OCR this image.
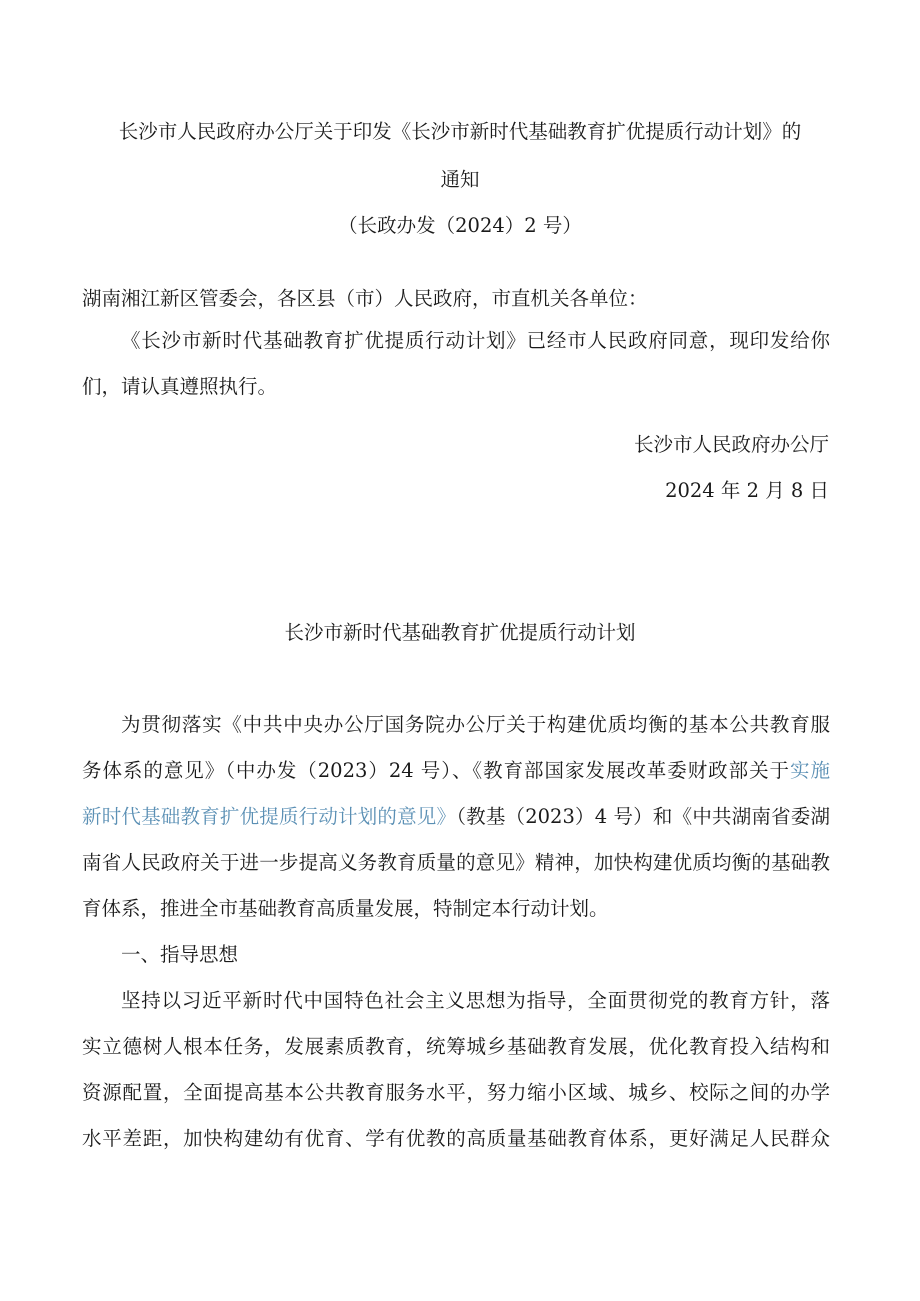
长沙市人民政府办公厅关于印发《长沙市新时代基础教育扩优提质行动计划》的
通知
（长政办发（2024）2 号）
湖南湘江新区管委会，各区县（市）人民政府，市直机关各单位：
《长沙市新时代基础教育扩优提质行动计划》已经市人民政府同意，现印发给你
们，请认真遵照执行。
长沙市人民政府办公厅
2024 年 2 月 8 日
长沙市新时代基础教育扩优提质行动计划
为贯彻落实《中共中央办公厅国务院办公厅关于构建优质均衡的基本公共教育服
务体系的意见》（中办发（2023）24 号）、《教育部国家发展改革委财政部关于实施
新时代基础教育扩优提质行动计划的意见》（教基（2023）4 号）和《中共湖南省委湖
南省人民政府关于进一步提高义务教育质量的意见》精神，加快构建优质均衡的基础教
育体系，推进全市基础教育高质量发展，特制定本行动计划。
一、指导思想
坚持以习近平新时代中国特色社会主义思想为指导，全面贯彻党的教育方针，落
实立德树人根本任务，发展素质教育，统筹城乡基础教育发展，优化教育投入结构和
资源配置，全面提高基本公共教育服务水平，努力缩小区域、城乡、校际之间的办学
水平差距，加快构建幼有优育、学有优教的高质量基础教育体系，更好满足人民群众
